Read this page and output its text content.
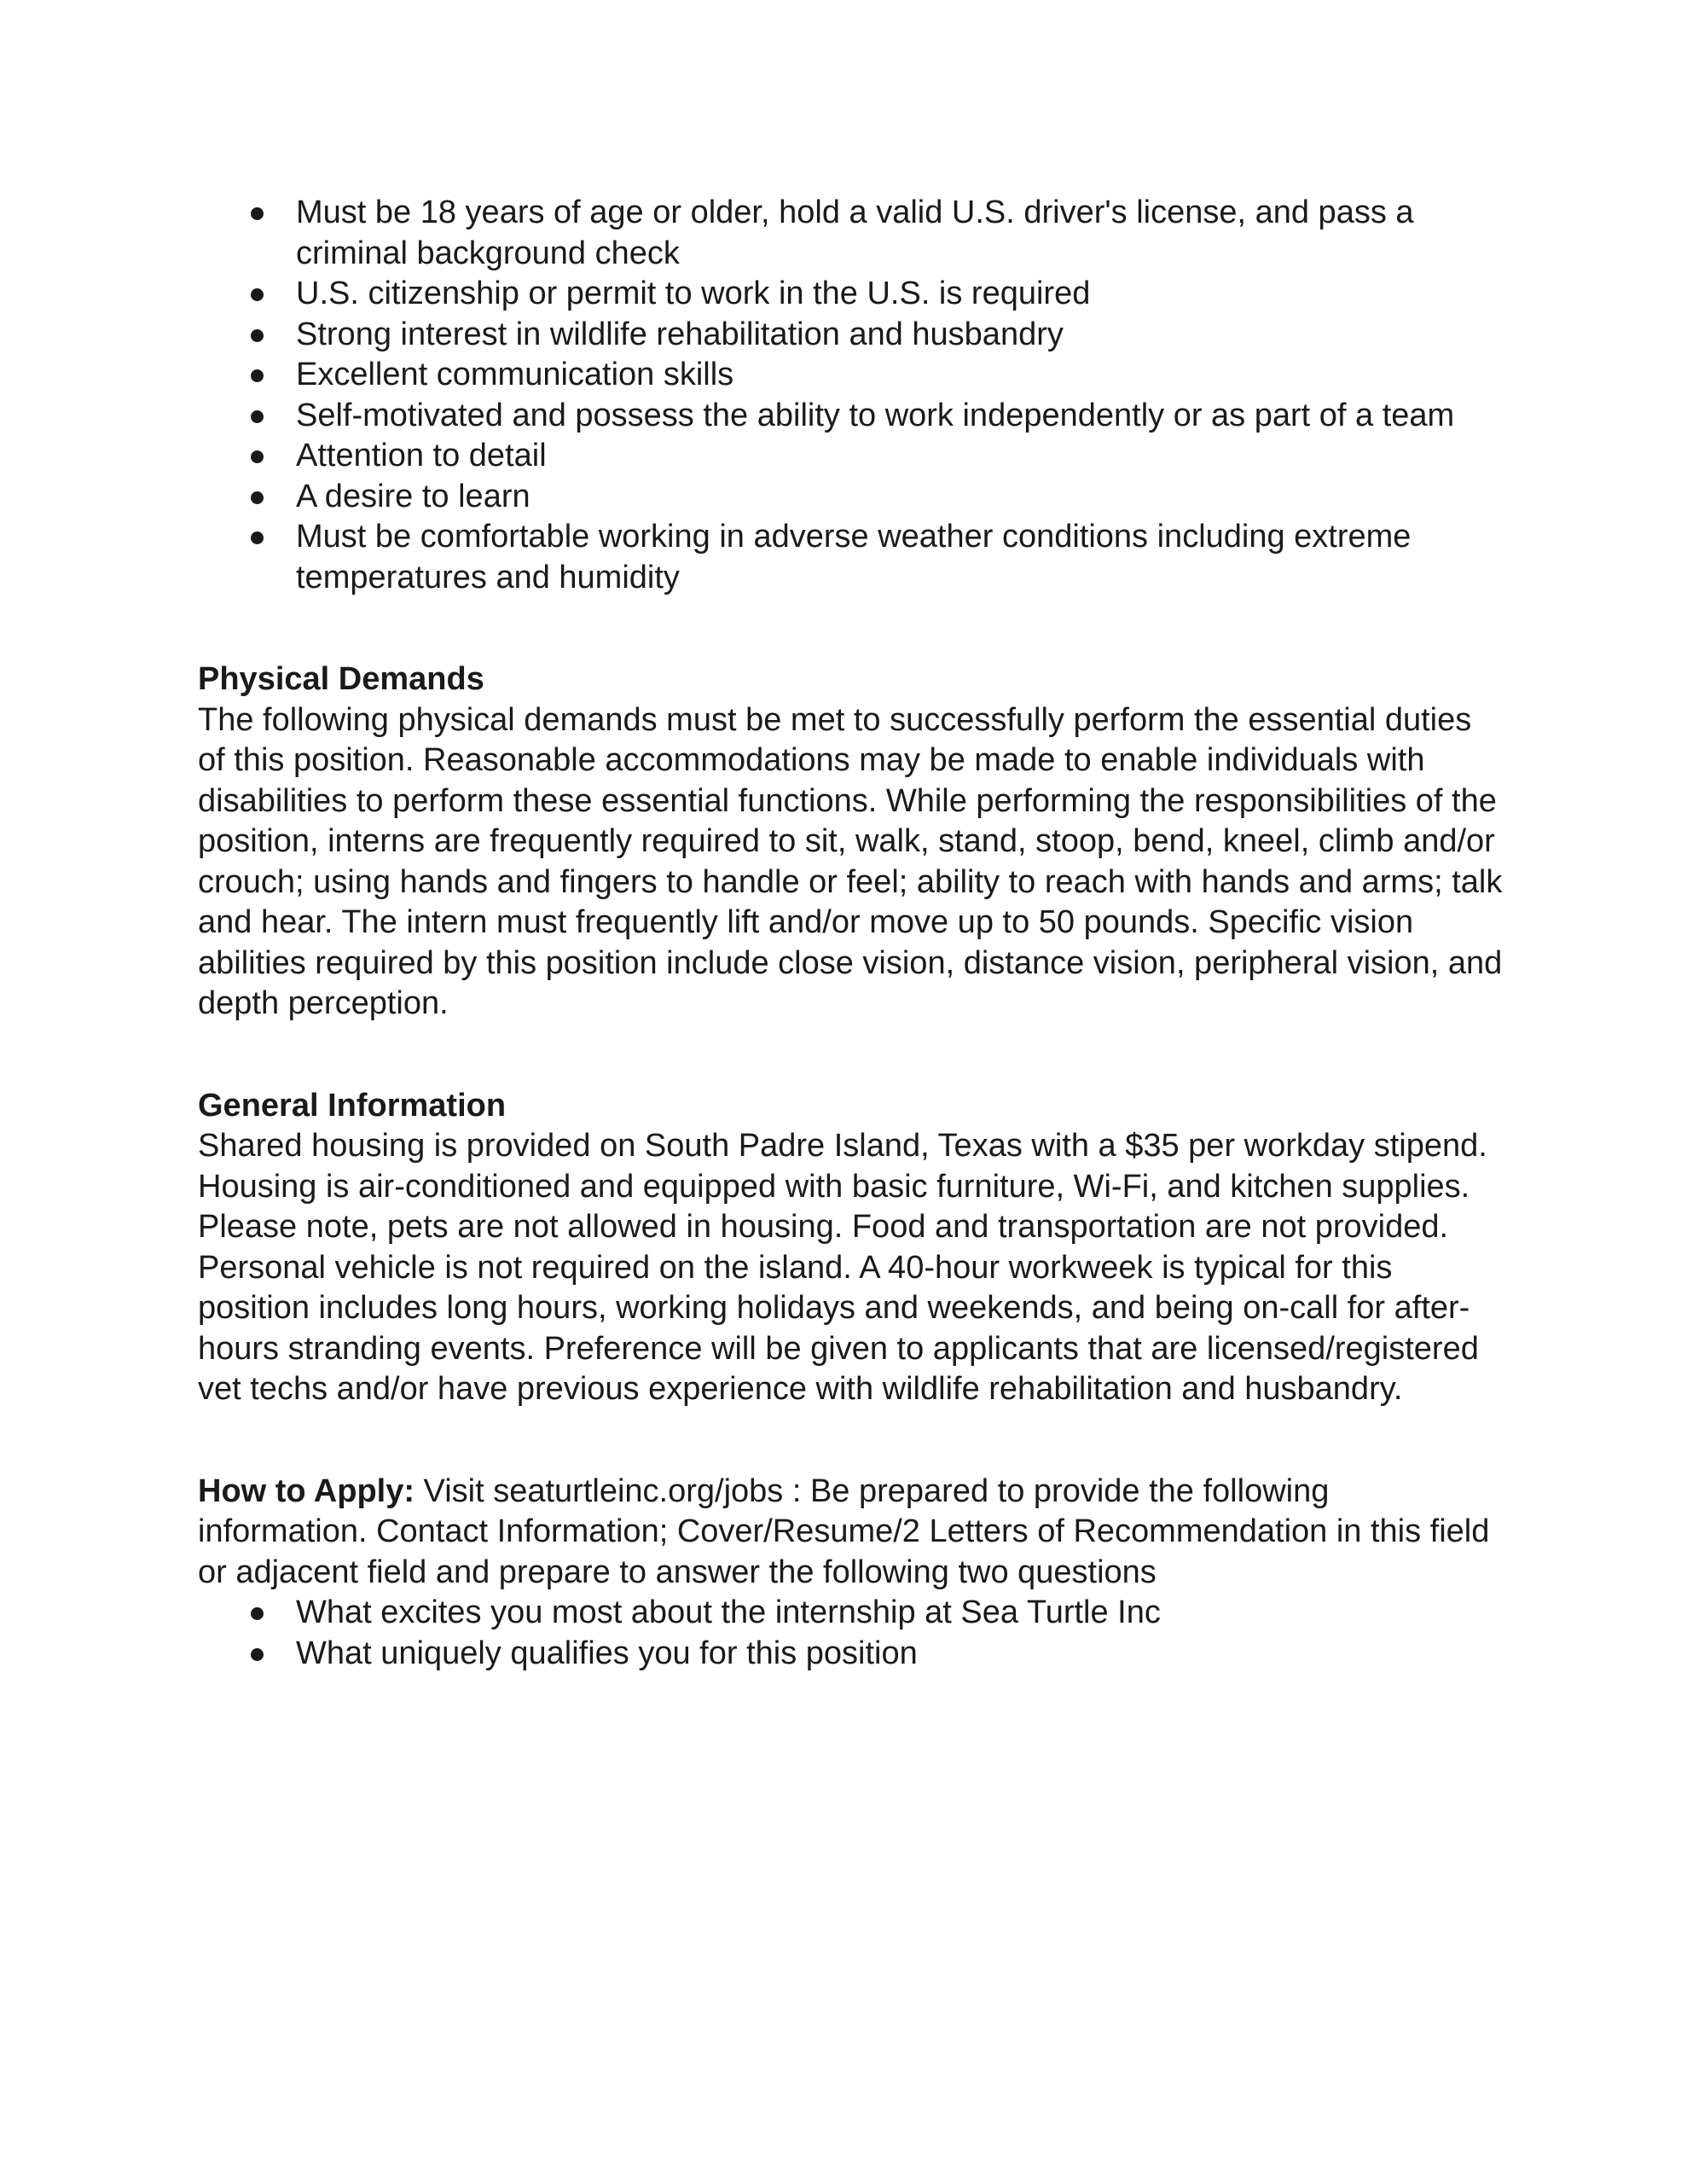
Must be 18 years of age or older, hold a valid U.S. driver's license, and pass a criminal background check
U.S. citizenship or permit to work in the U.S. is required
Strong interest in wildlife rehabilitation and husbandry
Excellent communication skills
Self-motivated and possess the ability to work independently or as part of a team
Attention to detail
A desire to learn
Must be comfortable working in adverse weather conditions including extreme temperatures and humidity
Physical Demands

The following physical demands must be met to successfully perform the essential duties of this position. Reasonable accommodations may be made to enable individuals with disabilities to perform these essential functions. While performing the responsibilities of the position, interns are frequently required to sit, walk, stand, stoop, bend, kneel, climb and/or crouch; using hands and fingers to handle or feel; ability to reach with hands and arms; talk and hear. The intern must frequently lift and/or move up to 50 pounds. Specific vision abilities required by this position include close vision, distance vision, peripheral vision, and depth perception.

General Information

Shared housing is provided on South Padre Island, Texas with a $35 per workday stipend. Housing is air-conditioned and equipped with basic furniture, Wi-Fi, and kitchen supplies. Please note, pets are not allowed in housing. Food and transportation are not provided. Personal vehicle is not required on the island. A 40-hour workweek is typical for this position includes long hours, working holidays and weekends, and being on-call for after-hours stranding events. Preference will be given to applicants that are licensed/registered vet techs and/or have previous experience with wildlife rehabilitation and husbandry.

How to Apply: Visit seaturtleinc.org/jobs : Be prepared to provide the following information. Contact Information; Cover/Resume/2 Letters of Recommendation in this field or adjacent field and prepare to answer the following two questions

What excites you most about the internship at Sea Turtle Inc
What uniquely qualifies you for this position
